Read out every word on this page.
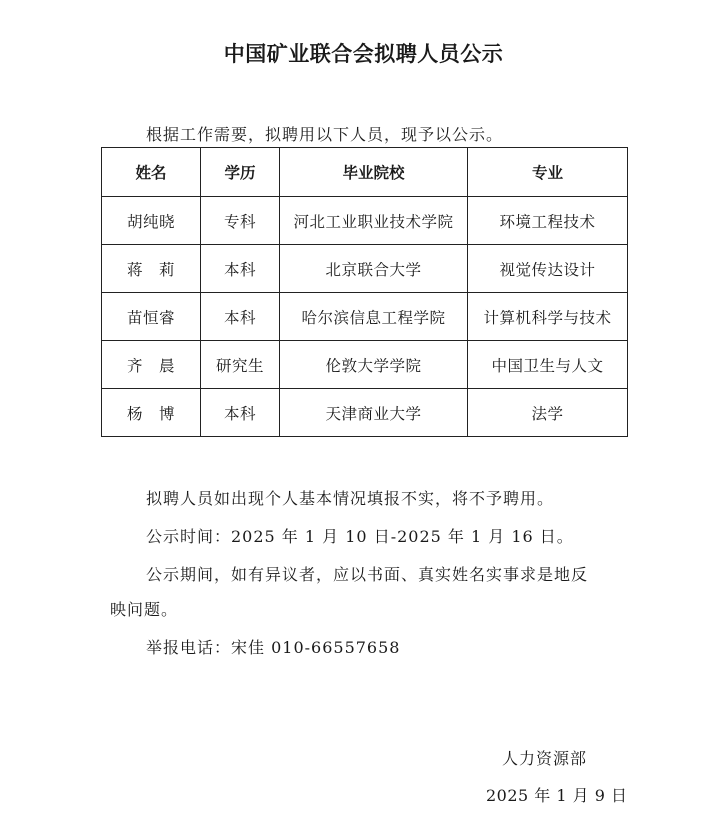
中国矿业联合会拟聘人员公示
根据工作需要，拟聘用以下人员，现予以公示。
姓名	学历	毕业院校	专业
胡纯晓	专科	河北工业职业技术学院	环境工程技术
蒋　莉	本科	北京联合大学	视觉传达设计
苗恒睿	本科	哈尔滨信息工程学院	计算机科学与技术
齐　晨	研究生	伦敦大学学院	中国卫生与人文
杨　博	本科	天津商业大学	法学
拟聘人员如出现个人基本情况填报不实，将不予聘用。
公示时间：2025 年 1 月 10 日-2025 年 1 月 16 日。
公示期间，如有异议者，应以书面、真实姓名实事求是地反
映问题。
举报电话：宋佳 010-66557658
人力资源部
2025 年 1 月 9 日
